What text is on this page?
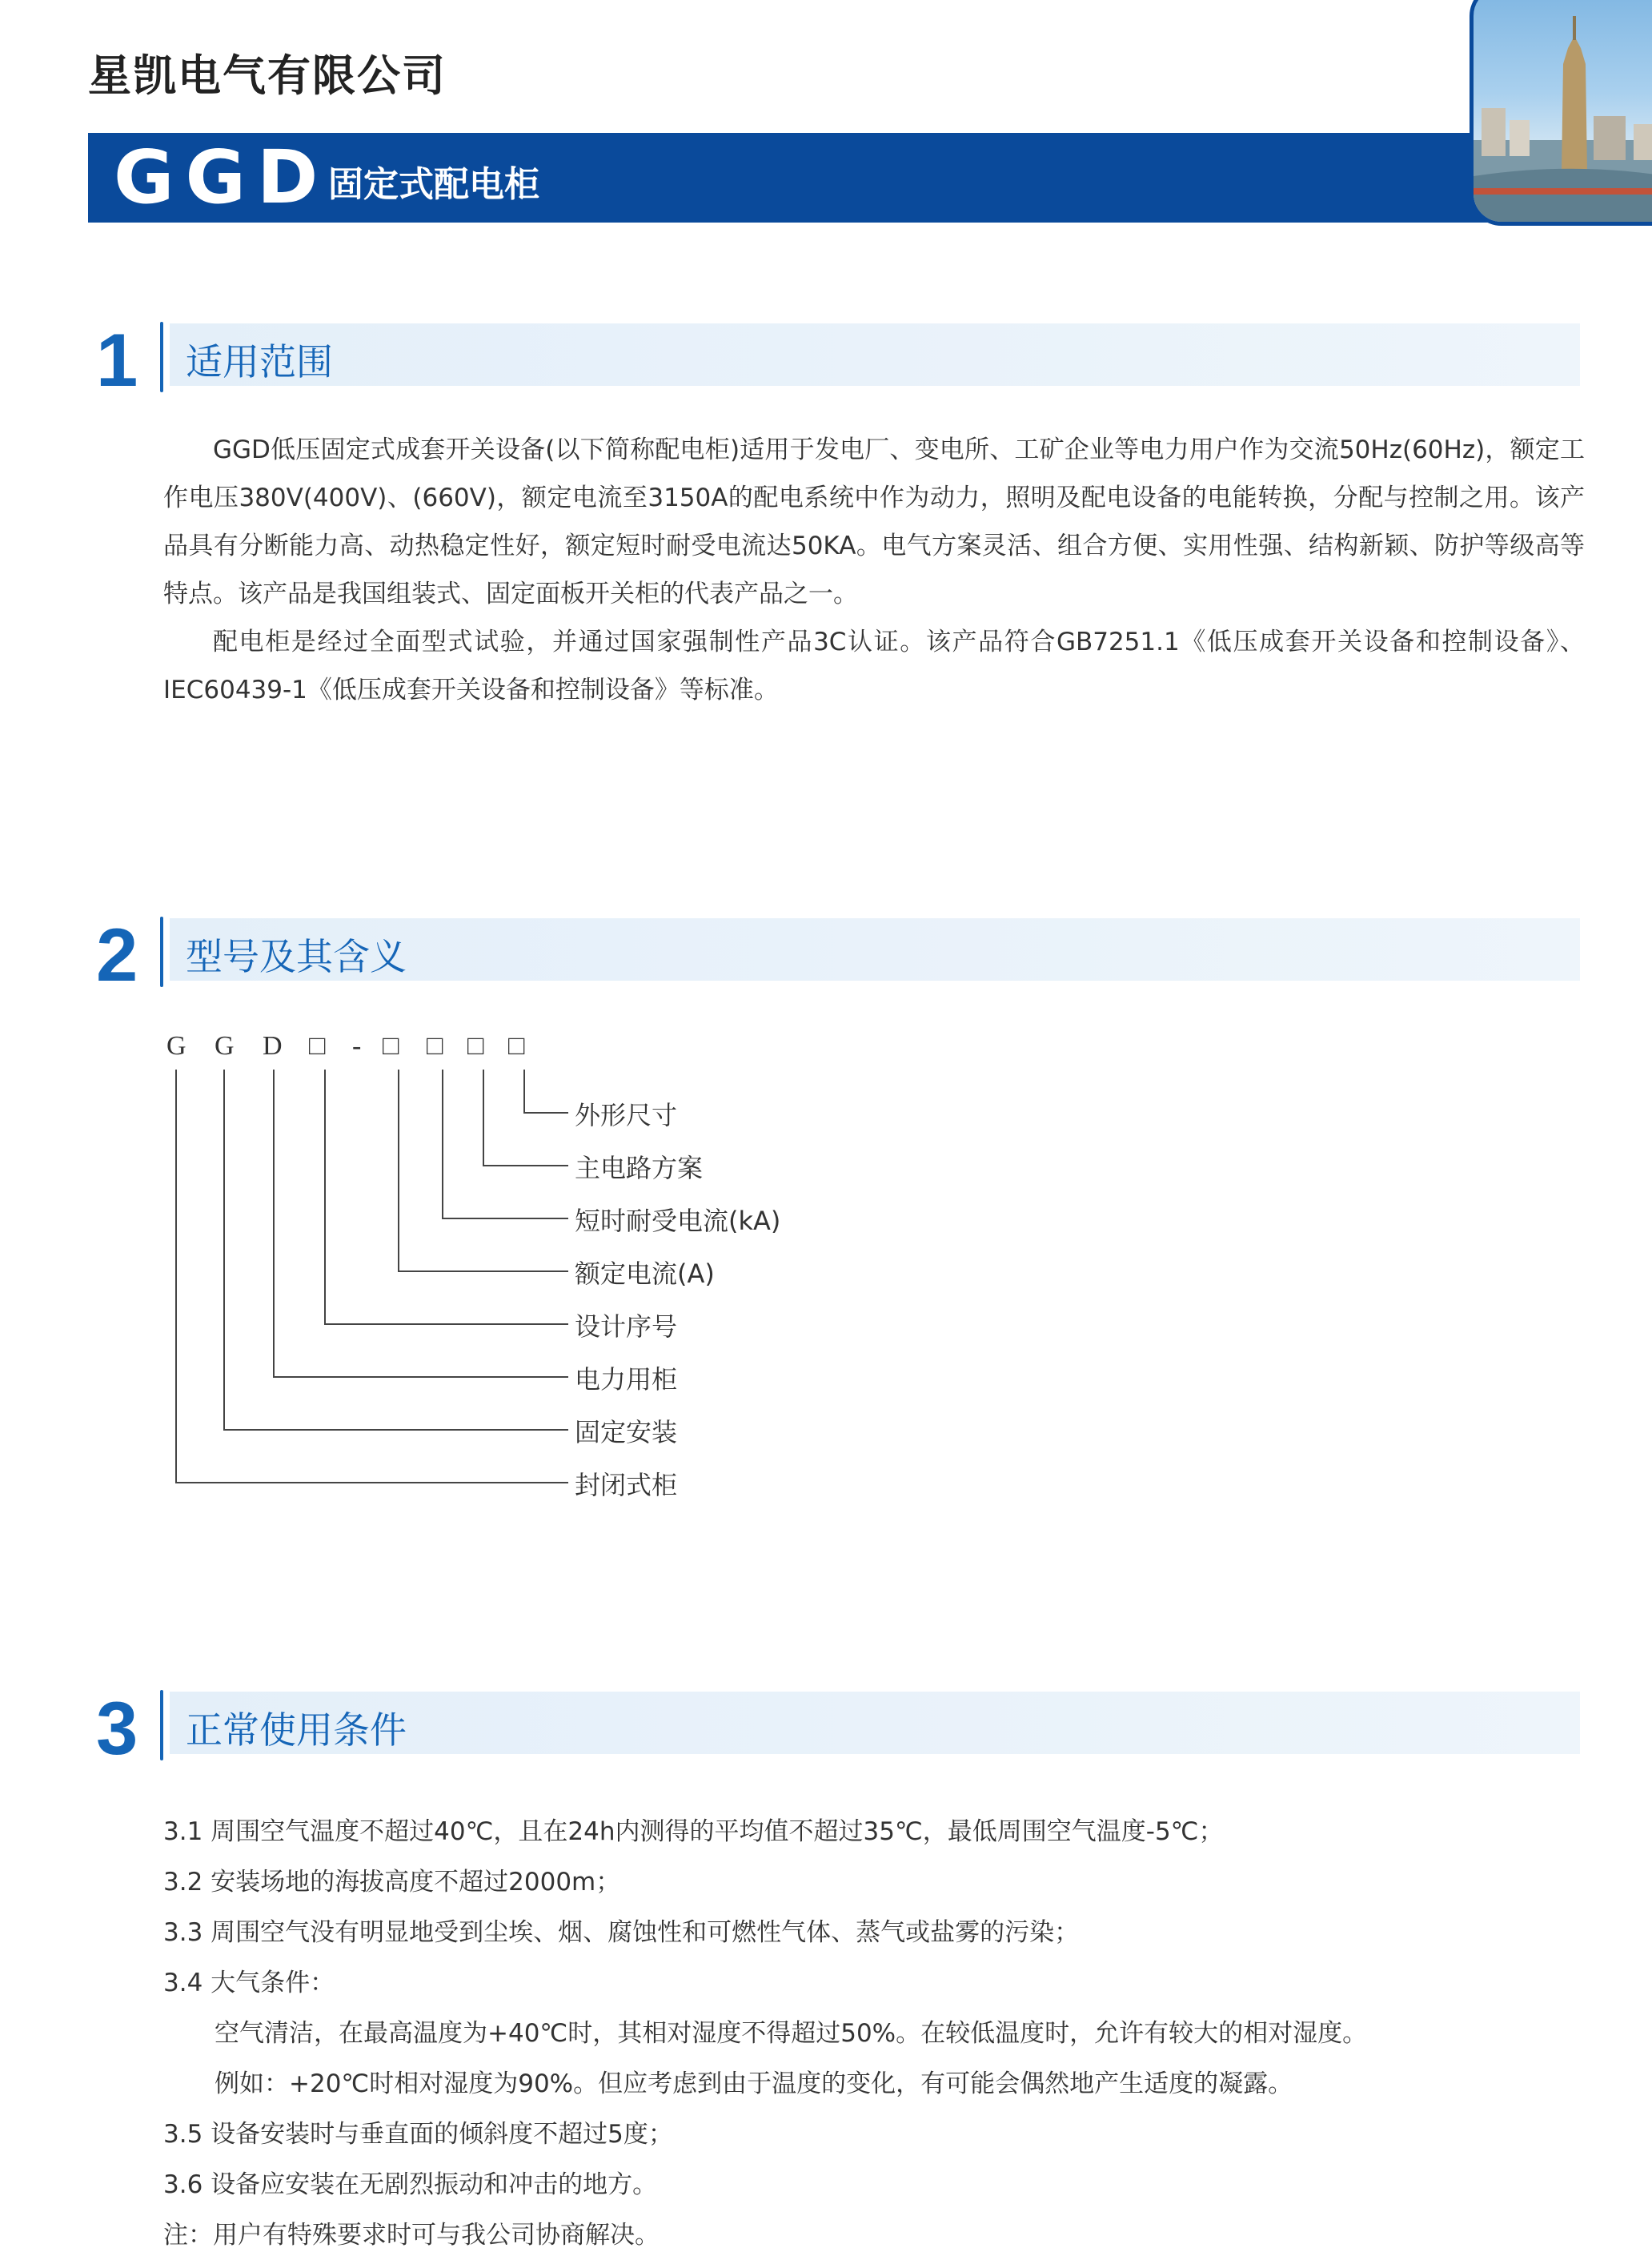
星凯电气有限公司
GGD
固定式配电柜
1 适用范围

GGD低压固定式成套开关设备(以下简称配电柜)适用于发电厂、变电所、工矿企业等电力用户作为交流50Hz(60Hz)，额定工作电压380V(400V)、(660V)，额定电流至3150A的配电系统中作为动力，照明及配电设备的电能转换，分配与控制之用。该产品具有分断能力高、动热稳定性好，额定短时耐受电流达50KA。电气方案灵活、组合方便、实用性强、结构新颖、防护等级高等特点。该产品是我国组装式、固定面板开关柜的代表产品之一。

配电柜是经过全面型式试验，并通过国家强制性产品3C认证。该产品符合GB7251.1《低压成套开关设备和控制设备》、IEC60439-1《低压成套开关设备和控制设备》等标准。

2 型号及其含义
G G D □ - □ □ □ □
外形尺寸
主电路方案
短时耐受电流(kA)
额定电流(A)
设计序号
电力用柜
固定安装
封闭式柜
3 正常使用条件
3.1 周围空气温度不超过40℃，且在24h内测得的平均值不超过35℃，最低周围空气温度-5℃；
3.2 安装场地的海拔高度不超过2000m；
3.3 周围空气没有明显地受到尘埃、烟、腐蚀性和可燃性气体、蒸气或盐雾的污染；
3.4 大气条件：
空气清洁，在最高温度为+40℃时，其相对湿度不得超过50%。在较低温度时，允许有较大的相对湿度。
例如：+20℃时相对湿度为90%。但应考虑到由于温度的变化，有可能会偶然地产生适度的凝露。
3.5 设备安装时与垂直面的倾斜度不超过5度；
3.6 设备应安装在无剧烈振动和冲击的地方。
注：用户有特殊要求时可与我公司协商解决。
